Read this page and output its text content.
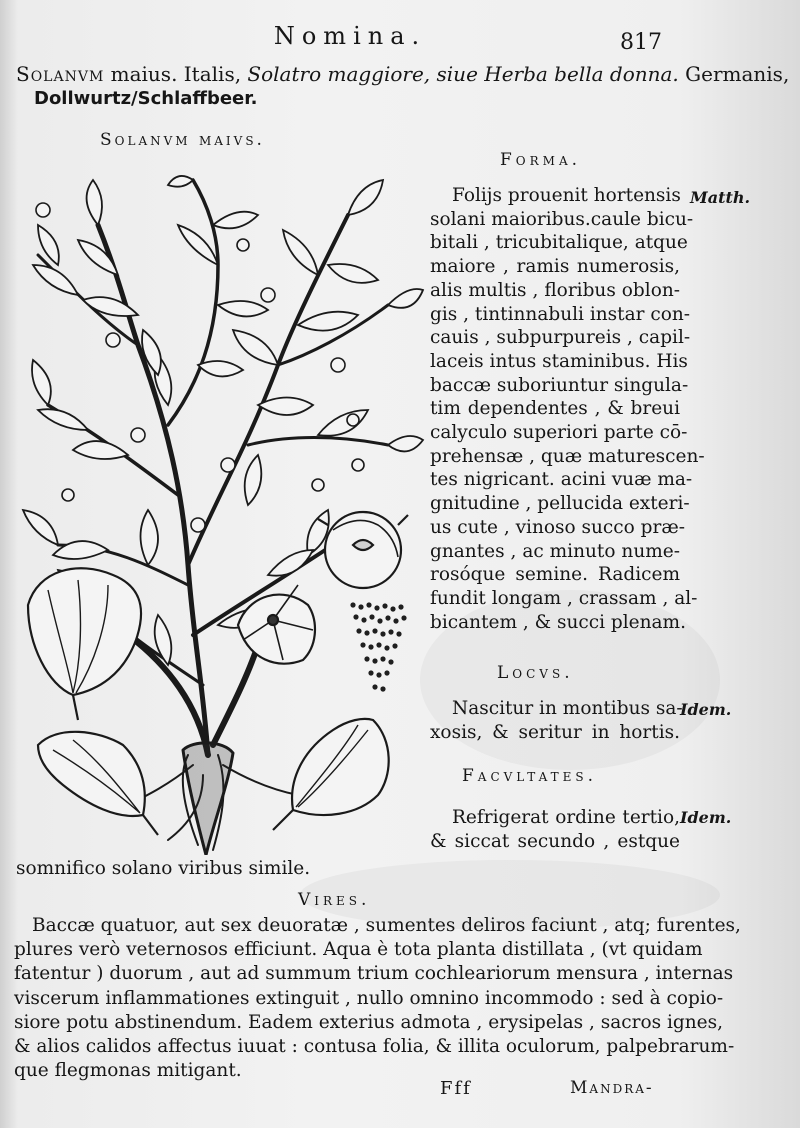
Nomina.	817
Solanvm maius. Italis, Solatro maggiore, siue Herba bella donna. Germanis,
Dollwurtz/Schlaffbeer.
Solanvm maivs.
Forma.
Folijs prouenit hortensis
solani maioribus.caule bicu-
bitali , tricubitalique, atque
maiore , ramis numerosis,
alis multis , floribus oblon-
gis , tintinnabuli instar con-
cauis , subpurpureis , capil-
laceis intus staminibus. His
baccæ suboriuntur singula-
tim dependentes , & breui
calyculo superiori parte cō-
prehensæ , quæ maturescen-
tes nigricant. acini vuæ ma-
gnitudine , pellucida exteri-
us cute , vinoso succo præ-
gnantes , ac minuto nume-
rosóque semine. Radicem
fundit longam , crassam , al-
bicantem , & succi plenam.
Matth.
Locvs.
Nascitur in montibus sa-
xosis, & seritur in hortis.
Idem.
Facvltates.
Refrigerat ordine tertio,
& siccat secundo , estque
Idem.
somnifico solano viribus simile.
Vires.
Baccæ quatuor, aut sex deuoratæ , sumentes deliros faciunt , atq; furentes,
plures verò veternosos efficiunt. Aqua è tota planta distillata , (vt quidam
fatentur ) duorum , aut ad summum trium cochleariorum mensura , internas
viscerum inflammationes extinguit , nullo omnino incommodo : sed à copio-
siore potu abstinendum. Eadem exterius admota , erysipelas , sacros ignes,
& alios calidos affectus iuuat : contusa folia, & illita oculorum, palpebrarum-
que flegmonas mitigant.
Fff	Mandra-
